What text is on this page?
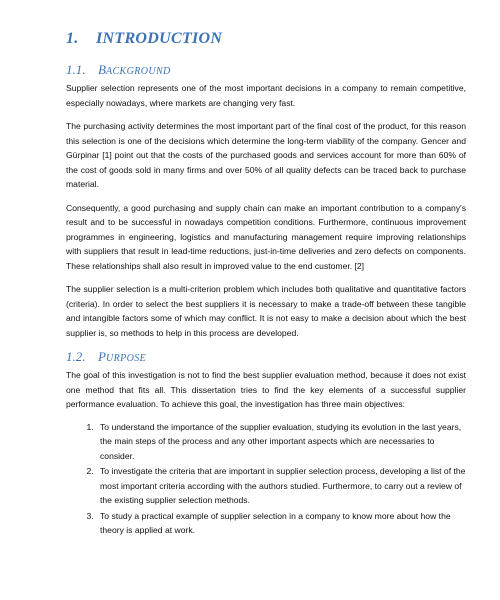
1. INTRODUCTION
1.1. BACKGROUND

Supplier selection represents one of the most important decisions in a company to remain competitive, especially nowadays, where markets are changing very fast.

The purchasing activity determines the most important part of the final cost of the product, for this reason this selection is one of the decisions which determine the long-term viability of the company. Gencer and Gürpinar [1] point out that the costs of the purchased goods and services account for more than 60% of the cost of goods sold in many firms and over 50% of all quality defects can be traced back to purchase material.

Consequently, a good purchasing and supply chain can make an important contribution to a company's result and to be successful in nowadays competition conditions. Furthermore, continuous improvement programmes in engineering, logistics and manufacturing management require improving relationships with suppliers that result in lead-time reductions, just-in-time deliveries and zero defects on components. These relationships shall also result in improved value to the end customer. [2]

The supplier selection is a multi-criterion problem which includes both qualitative and quantitative factors (criteria). In order to select the best suppliers it is necessary to make a trade-off between these tangible and intangible factors some of which may conflict. It is not easy to make a decision about which the best supplier is, so methods to help in this process are developed.

1.2. PURPOSE

The goal of this investigation is not to find the best supplier evaluation method, because it does not exist one method that fits all. This dissertation tries to find the key elements of a successful supplier performance evaluation. To achieve this goal, the investigation has three main objectives:

1. To understand the importance of the supplier evaluation, studying its evolution in the last years, the main steps of the process and any other important aspects which are necessaries to consider.
2. To investigate the criteria that are important in supplier selection process, developing a list of the most important criteria according with the authors studied. Furthermore, to carry out a review of the existing supplier selection methods.
3. To study a practical example of supplier selection in a company to know more about how the theory is applied at work.
